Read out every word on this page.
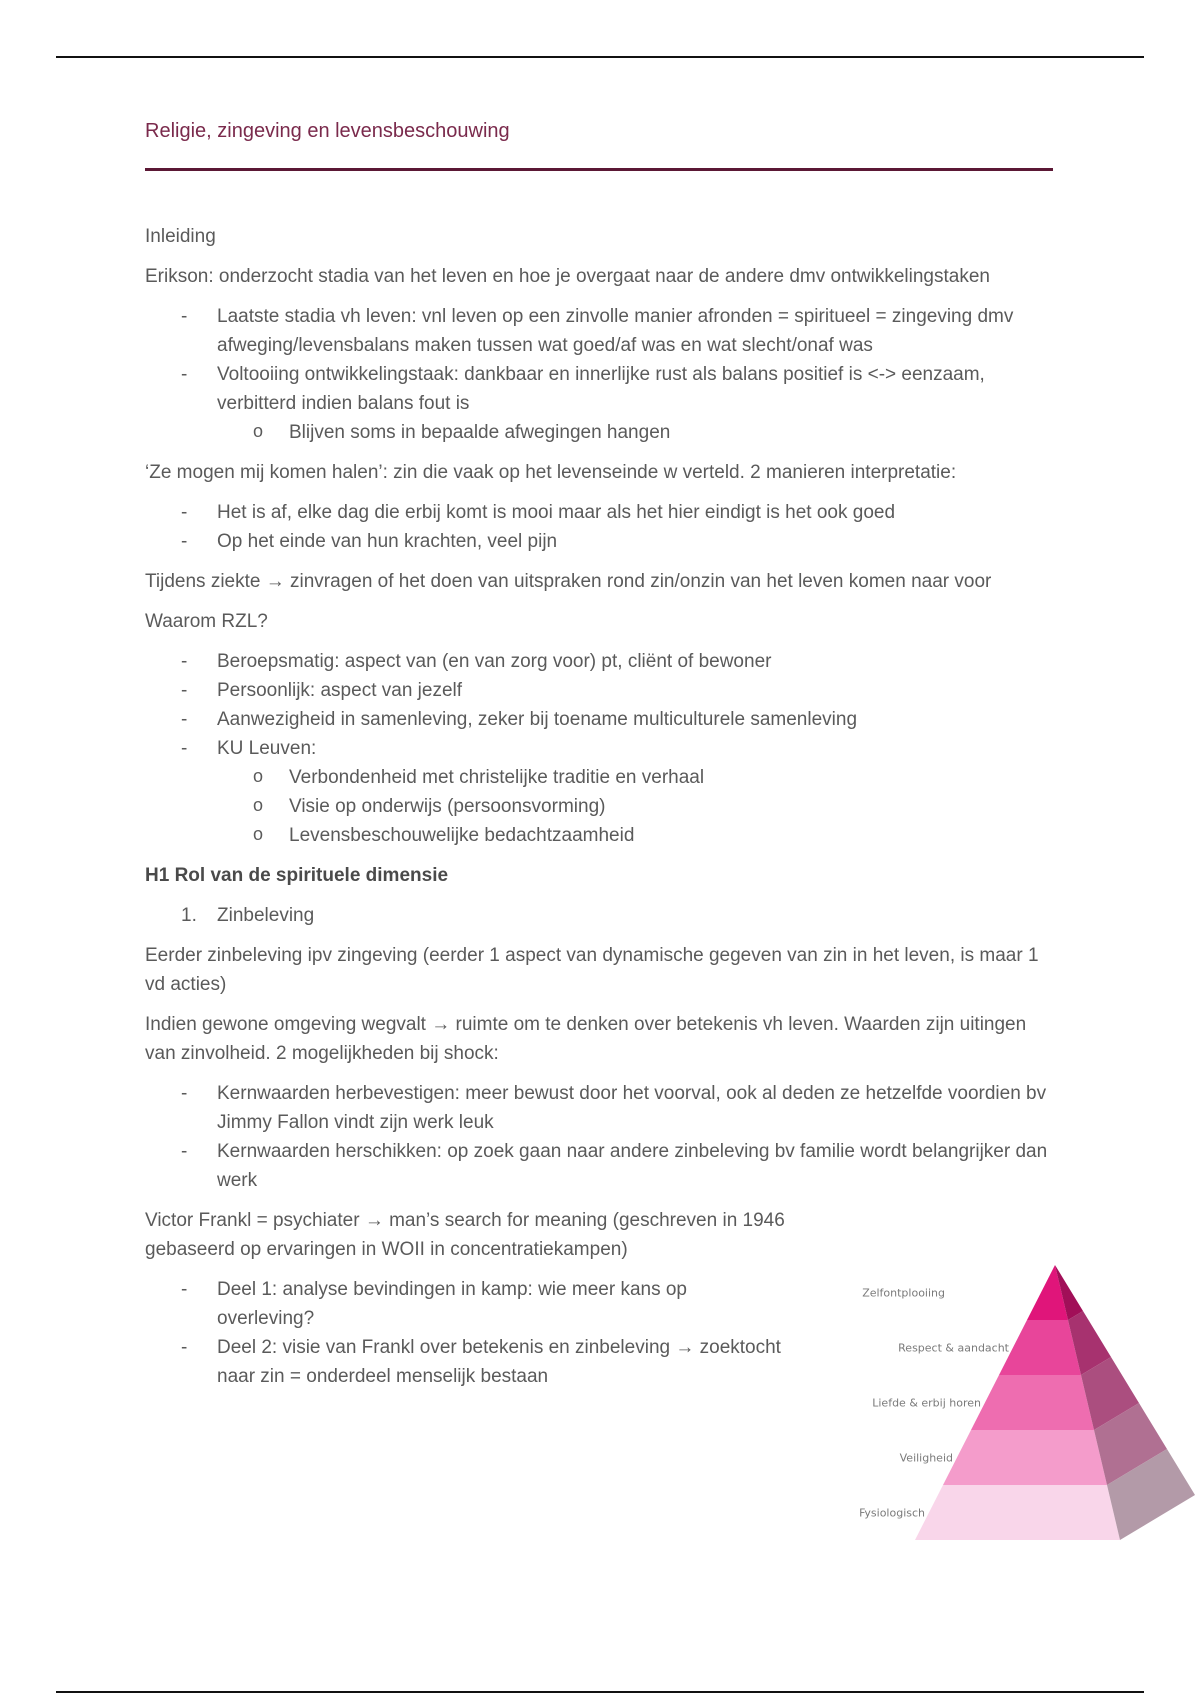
Religie, zingeving en levensbeschouwing

Inleiding

Erikson: onderzocht stadia van het leven en hoe je overgaat naar de andere dmv ontwikkelingstaken

- Laatste stadia vh leven: vnl leven op een zinvolle manier afronden = spiritueel = zingeving dmv afweging/levensbalans maken tussen wat goed/af was en wat slecht/onaf was
- Voltooiing ontwikkelingstaak: dankbaar en innerlijke rust als balans positief is <-> eenzaam, verbitterd indien balans fout is
o Blijven soms in bepaalde afwegingen hangen

‘Ze mogen mij komen halen’: zin die vaak op het levenseinde w verteld. 2 manieren interpretatie:

- Het is af, elke dag die erbij komt is mooi maar als het hier eindigt is het ook goed
- Op het einde van hun krachten, veel pijn

Tijdens ziekte → zinvragen of het doen van uitspraken rond zin/onzin van het leven komen naar voor

Waarom RZL?

- Beroepsmatig: aspect van (en van zorg voor) pt, cliënt of bewoner
- Persoonlijk: aspect van jezelf
- Aanwezigheid in samenleving, zeker bij toename multiculturele samenleving
- KU Leuven:
o Verbondenheid met christelijke traditie en verhaal
o Visie op onderwijs (persoonsvorming)
o Levensbeschouwelijke bedachtzaamheid

H1 Rol van de spirituele dimensie

1. Zinbeleving

Eerder zinbeleving ipv zingeving (eerder 1 aspect van dynamische gegeven van zin in het leven, is maar 1 vd acties)

Indien gewone omgeving wegvalt → ruimte om te denken over betekenis vh leven. Waarden zijn uitingen van zinvolheid. 2 mogelijkheden bij shock:

- Kernwaarden herbevestigen: meer bewust door het voorval, ook al deden ze hetzelfde voordien bv Jimmy Fallon vindt zijn werk leuk
- Kernwaarden herschikken: op zoek gaan naar andere zinbeleving bv familie wordt belangrijker dan werk

Victor Frankl = psychiater → man’s search for meaning (geschreven in 1946 gebaseerd op ervaringen in WOII in concentratiekampen)

- Deel 1: analyse bevindingen in kamp: wie meer kans op overleving?
- Deel 2: visie van Frankl over betekenis en zinbeleving → zoektocht naar zin = onderdeel menselijk bestaan
Zelfontplooiing
Respect & aandacht
Liefde & erbij horen
Veiligheid
Fysiologisch
